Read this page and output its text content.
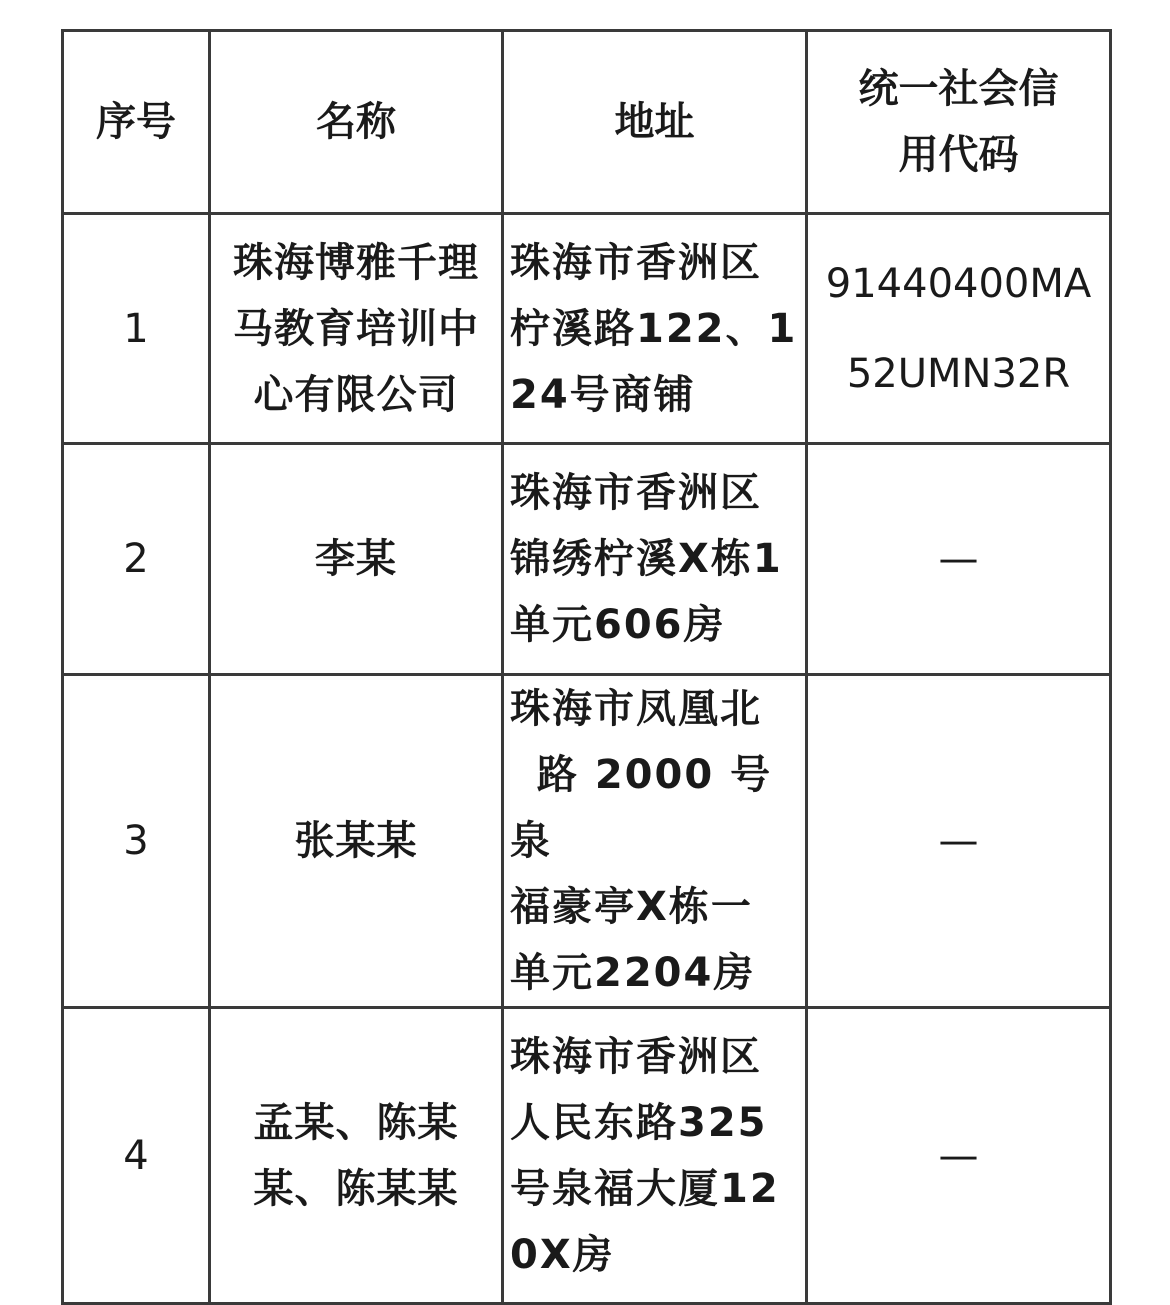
序号	名称	地址	统一社会信
用代码

1	珠海博雅千理
马教育培训中
心有限公司	珠海市香洲区
柠溪路122、1
24号商铺	91440400MA
52UMN32R

2	李某	珠海市香洲区
锦绣柠溪X栋1
单元606房	—
3	张某某	珠海市凤凰北
路 2000 号 泉
福豪亭X栋一
单元2204房	—
4	孟某、陈某
某、陈某某	珠海市香洲区
人民东路325
号泉福大厦12
0X房	—
